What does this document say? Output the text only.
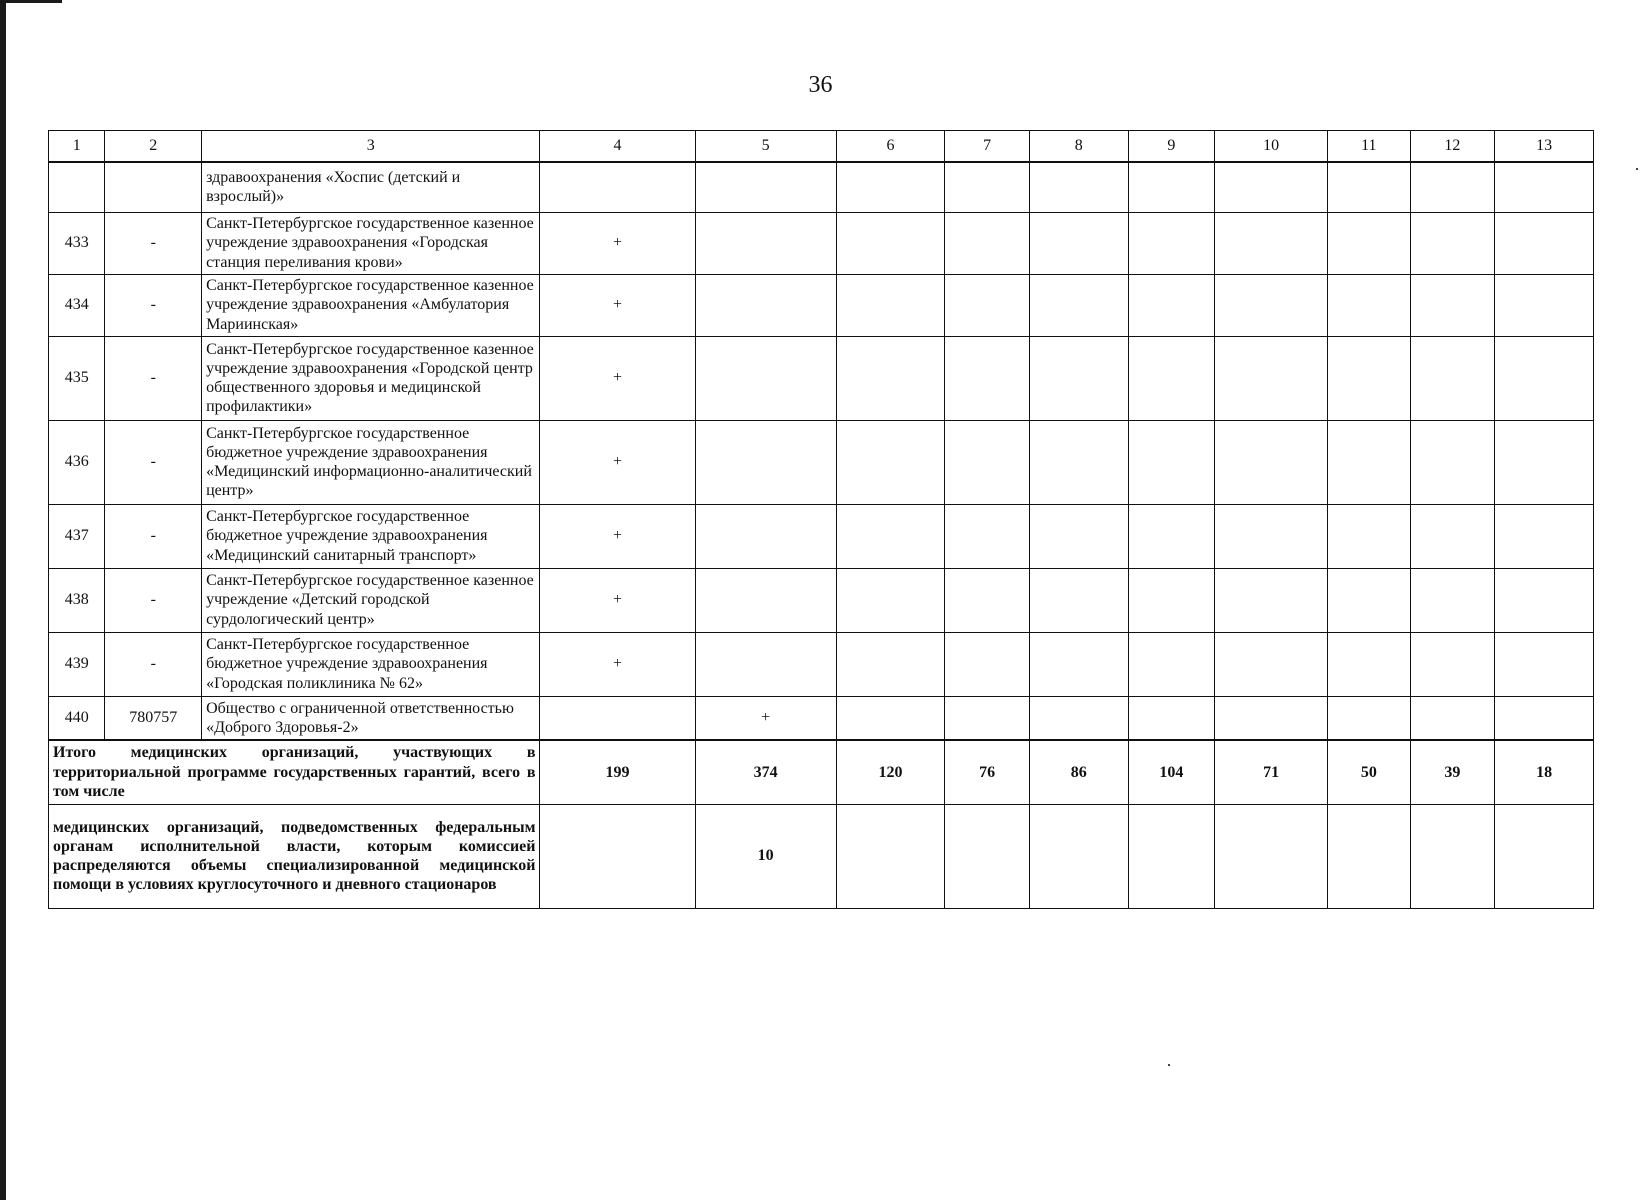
36
1	2	3	4	5	6	7	8	9	10	11	12	13
		здравоохранения «Хоспис (детский и взрослый)»										
433	-	Санкт-Петербургское государственное казенное учреждение здравоохранения «Городская станция переливания крови»	+									
434	-	Санкт-Петербургское государственное казенное учреждение здравоохранения «Амбулатория Мариинская»	+									
435	-	Санкт-Петербургское государственное казенное учреждение здравоохранения «Городской центр общественного здоровья и медицинской профилактики»	+									
436	-	Санкт-Петербургское государственное бюджетное учреждение здравоохранения «Медицинский информационно-аналитический центр»	+									
437	-	Санкт-Петербургское государственное бюджетное учреждение здравоохранения «Медицинский санитарный транспорт»	+									
438	-	Санкт-Петербургское государственное казенное учреждение «Детский городской сурдологический центр»	+									
439	-	Санкт-Петербургское государственное бюджетное учреждение здравоохранения «Городская поликлиника № 62»	+									
440	780757	Общество с ограниченной ответственностью «Доброго Здоровья-2»		+								
Итого медицинских организаций, участвующих в территориальной программе государственных гарантий, всего в том числе			199	374	120	76	86	104	71	50	39	18
медицинских организаций, подведомственных федеральным органам исполнительной власти, которым комиссией распределяются объемы специализированной медицинской помощи в условиях круглосуточного и дневного стационаров				10								
